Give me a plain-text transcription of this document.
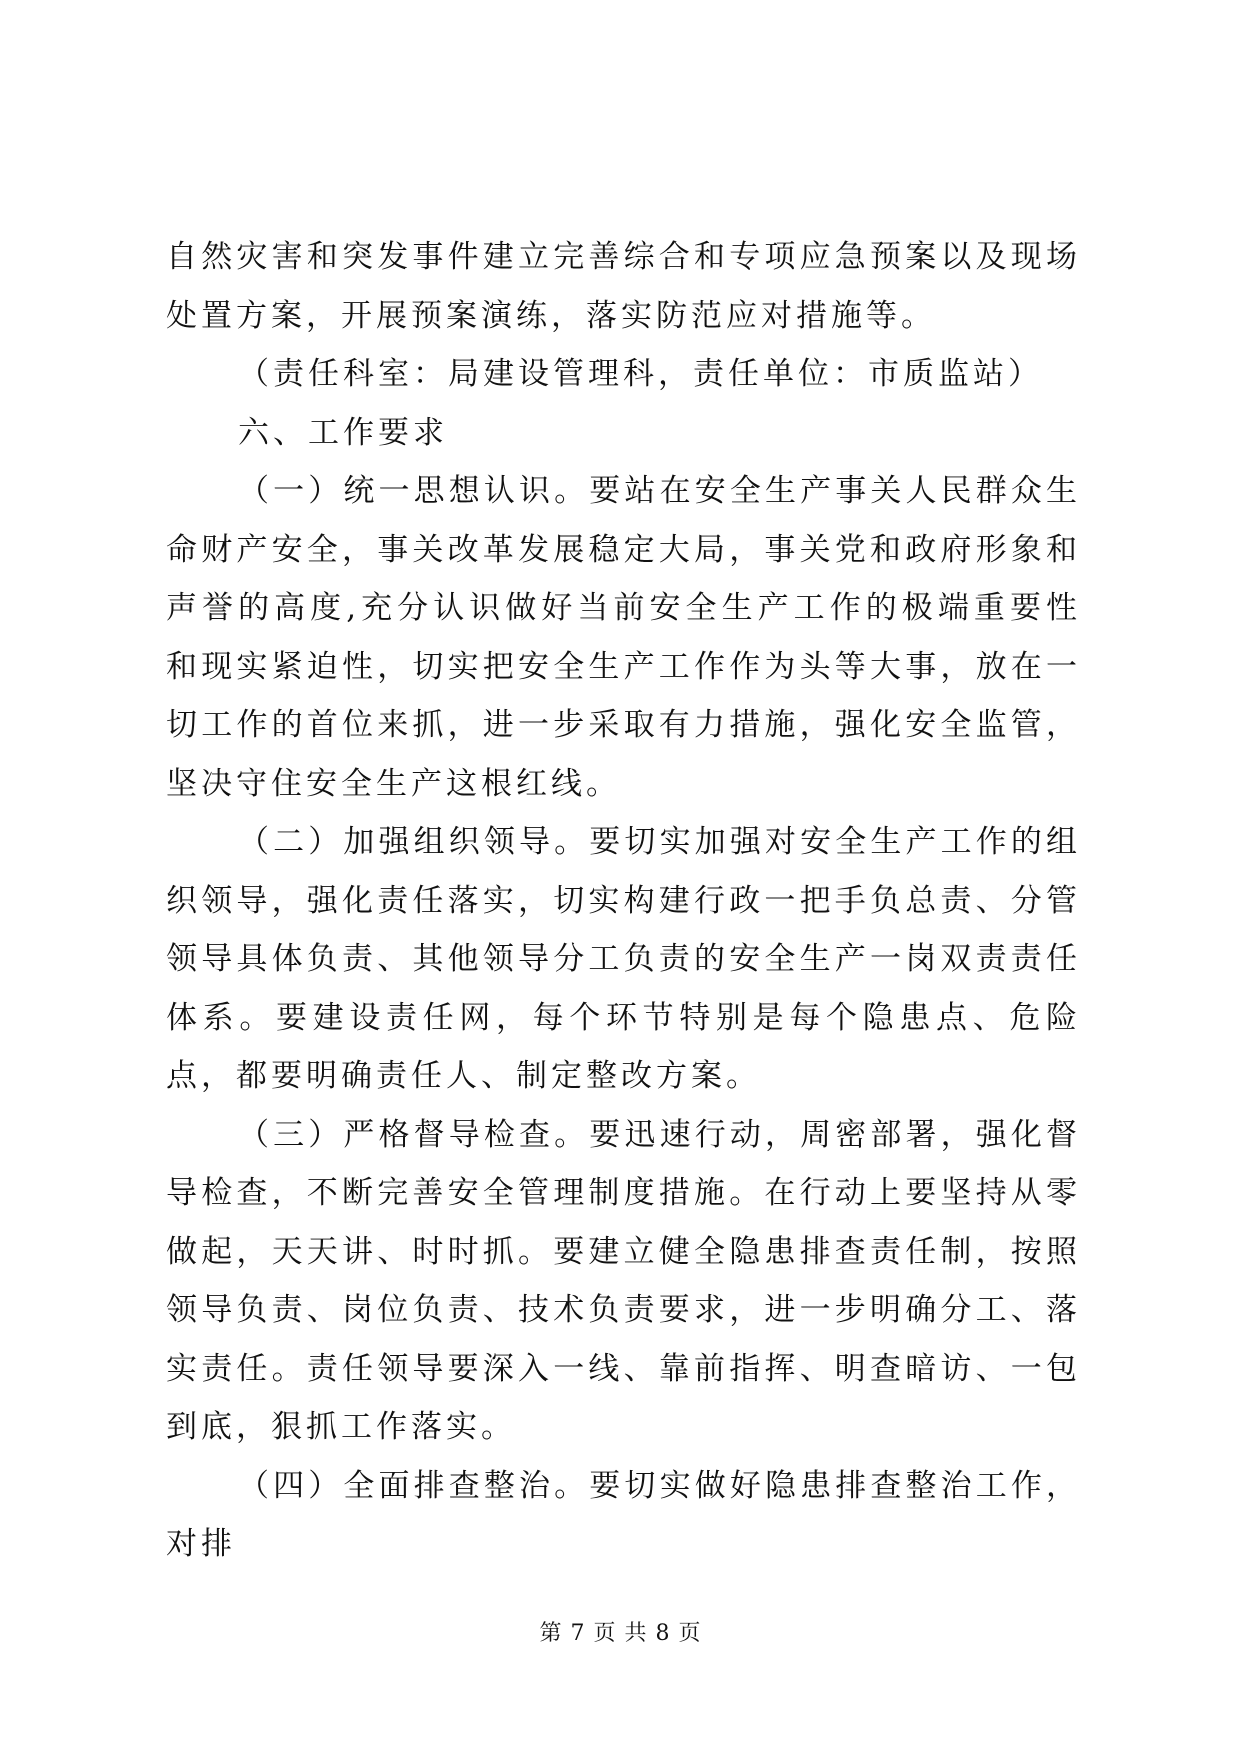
自然灾害和突发事件建立完善综合和专项应急预案以及现场处置方案，开展预案演练，落实防范应对措施等。

（责任科室：局建设管理科，责任单位：市质监站）

六、工作要求

（一）统一思想认识。要站在安全生产事关人民群众生命财产安全，事关改革发展稳定大局，事关党和政府形象和声誉的高度,充分认识做好当前安全生产工作的极端重要性和现实紧迫性，切实把安全生产工作作为头等大事，放在一切工作的首位来抓，进一步采取有力措施，强化安全监管，坚决守住安全生产这根红线。

（二）加强组织领导。要切实加强对安全生产工作的组织领导，强化责任落实，切实构建行政一把手负总责、分管领导具体负责、其他领导分工负责的安全生产一岗双责责任体系。要建设责任网，每个环节特别是每个隐患点、危险点，都要明确责任人、制定整改方案。

（三）严格督导检查。要迅速行动，周密部署，强化督导检查，不断完善安全管理制度措施。在行动上要坚持从零做起，天天讲、时时抓。要建立健全隐患排查责任制，按照领导负责、岗位负责、技术负责要求，进一步明确分工、落实责任。责任领导要深入一线、靠前指挥、明查暗访、一包到底，狠抓工作落实。

（四）全面排查整治。要切实做好隐患排查整治工作，对排

第 7 页 共 8 页
